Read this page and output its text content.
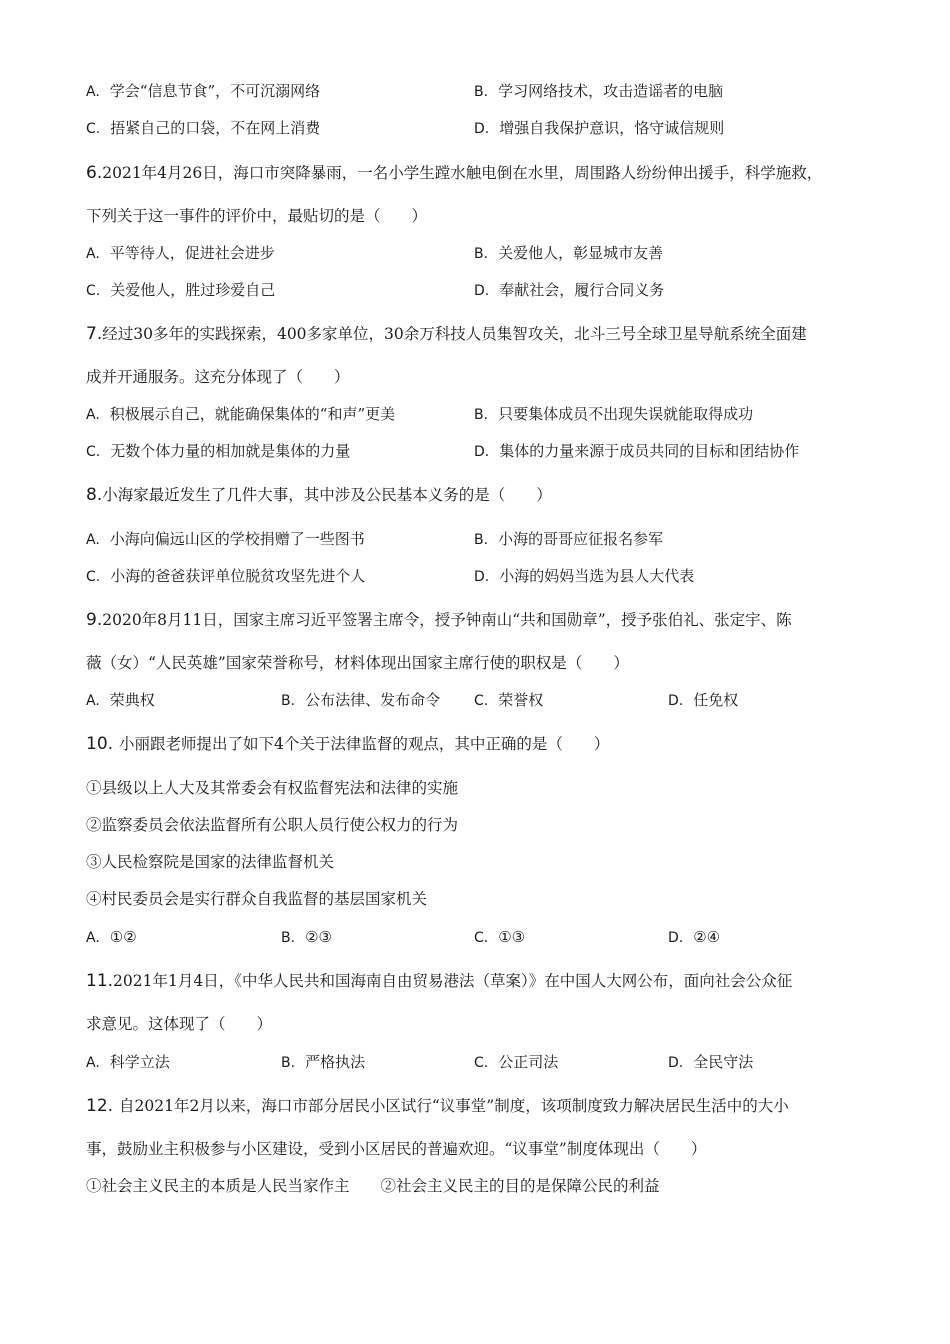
A. 学会“信息节食”，不可沉溺网络	B. 学习网络技术，攻击造谣者的电脑
C. 捂紧自己的口袋，不在网上消费	D. 增强自我保护意识，恪守诚信规则
6.2021年4月26日，海口市突降暴雨，一名小学生蹚水触电倒在水里，周围路人纷纷伸出援手，科学施救，
下列关于这一事件的评价中，最贴切的是（　　）
A. 平等待人，促进社会进步	B. 关爱他人，彰显城市友善
C. 关爱他人，胜过珍爱自己	D. 奉献社会，履行合同义务
7.经过30多年的实践探索，400多家单位，30余万科技人员集智攻关，北斗三号全球卫星导航系统全面建
成并开通服务。这充分体现了（　　）
A. 积极展示自己，就能确保集体的“和声”更美	B. 只要集体成员不出现失误就能取得成功
C. 无数个体力量的相加就是集体的力量	D. 集体的力量来源于成员共同的目标和团结协作
8.小海家最近发生了几件大事，其中涉及公民基本义务的是（　　）
A. 小海向偏远山区的学校捐赠了一些图书	B. 小海的哥哥应征报名参军
C. 小海的爸爸获评单位脱贫攻坚先进个人	D. 小海的妈妈当选为县人大代表
9.2020年8月11日，国家主席习近平签署主席令，授予钟南山“共和国勋章”，授予张伯礼、张定宇、陈
薇（女）“人民英雄”国家荣誉称号，材料体现出国家主席行使的职权是（　　）
A. 荣典权	B. 公布法律、发布命令 C. 荣誉权	D. 任免权
10. 小丽跟老师提出了如下4个关于法律监督的观点，其中正确的是（　　）
①县级以上人大及其常委会有权监督宪法和法律的实施
②监察委员会依法监督所有公职人员行使公权力的行为
③人民检察院是国家的法律监督机关
④村民委员会是实行群众自我监督的基层国家机关
A. ①②	B. ②③	C. ①③	D. ②④
11.2021年1月4日，《中华人民共和国海南自由贸易港法（草案）》在中国人大网公布，面向社会公众征
求意见。这体现了（　　）
A. 科学立法	B. 严格执法	C. 公正司法	D. 全民守法
12. 自2021年2月以来，海口市部分居民小区试行“议事堂”制度，该项制度致力解决居民生活中的大小
事，鼓励业主积极参与小区建设，受到小区居民的普遍欢迎。“议事堂”制度体现出（　　）
①社会主义民主的本质是人民当家作主　　②社会主义民主的目的是保障公民的利益
